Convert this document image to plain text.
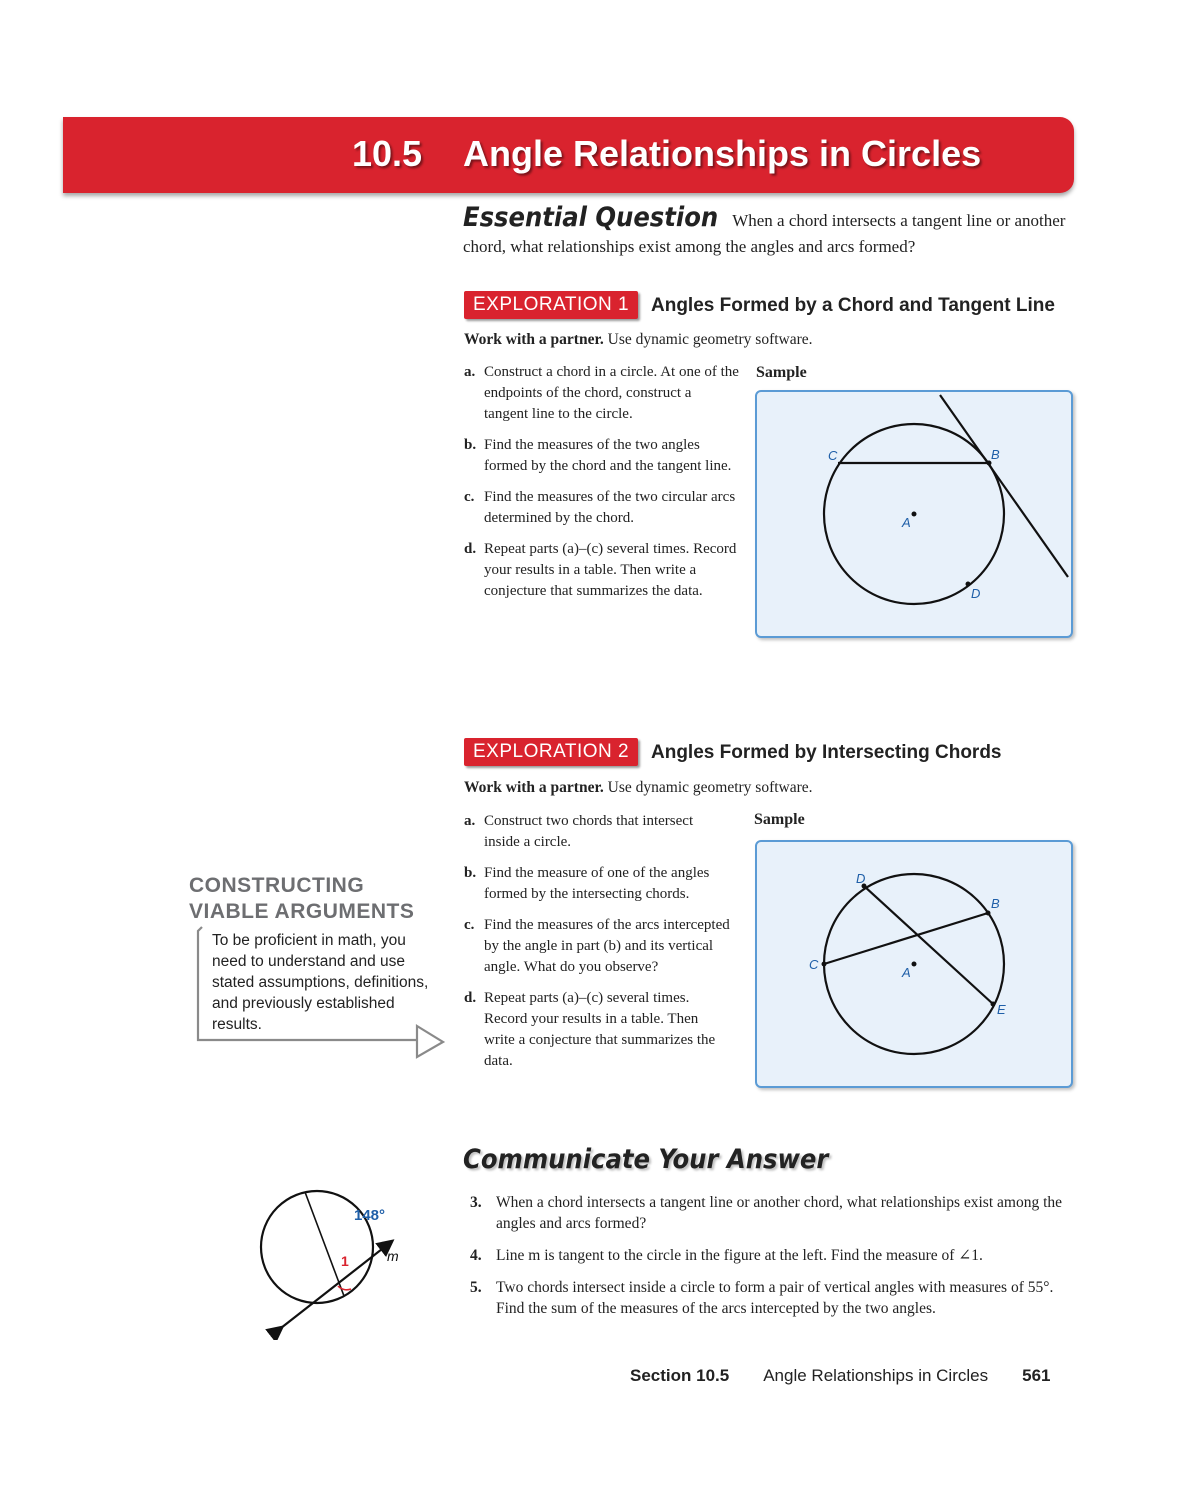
10.5 Angle Relationships in Circles
Essential Question When a chord intersects a tangent line or another chord, what relationships exist among the angles and arcs formed?
EXPLORATION 1	Angles Formed by a Chord and Tangent Line
Work with a partner. Use dynamic geometry software.
a. Construct a chord in a circle. At one of the endpoints of the chord, construct a tangent line to the circle.
b. Find the measures of the two angles formed by the chord and the tangent line.
c. Find the measures of the two circular arcs determined by the chord.
d. Repeat parts (a)–(c) several times. Record your results in a table. Then write a conjecture that summarizes the data.
Sample
C	B
A
D
EXPLORATION 2	Angles Formed by Intersecting Chords
Work with a partner. Use dynamic geometry software.
a. Construct two chords that intersect inside a circle.
b. Find the measure of one of the angles formed by the intersecting chords.
c. Find the measures of the arcs intercepted by the angle in part (b) and its vertical angle. What do you observe?
d. Repeat parts (a)–(c) several times. Record your results in a table. Then write a conjecture that summarizes the data.
Sample
D
B
C
A
E
CONSTRUCTING
VIABLE ARGUMENTS
To be proficient in math, you need to understand and use stated assumptions, definitions, and previously established results.
148°
1	m
Communicate Your Answer
3. When a chord intersects a tangent line or another chord, what relationships exist among the angles and arcs formed?
4. Line m is tangent to the circle in the figure at the left. Find the measure of ∠1.
5. Two chords intersect inside a circle to form a pair of vertical angles with measures of 55°. Find the sum of the measures of the arcs intercepted by the two angles.
Section 10.5 Angle Relationships in Circles 561
